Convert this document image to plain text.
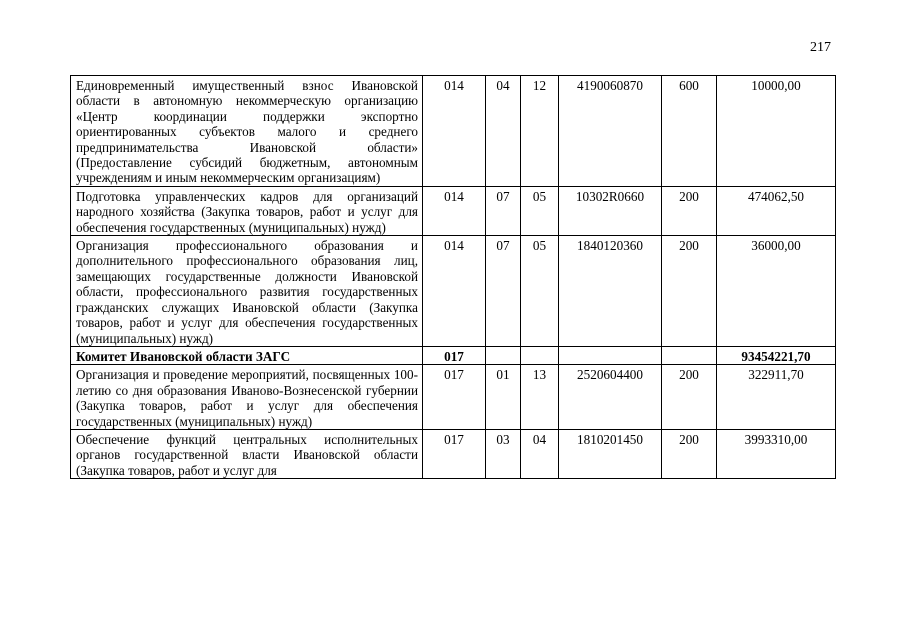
217
Единовременный имущественный взнос Ивановской области в автономную некоммерческую организацию «Центр координации поддержки экспортно ориентированных субъектов малого и среднего предпринимательства Ивановской области» (Предоставление субсидий бюджетным, автономным учреждениям и иным некоммерческим организациям)	014	04	12	4190060870	600	10000,00
Подготовка управленческих кадров для организаций народного хозяйства (Закупка товаров, работ и услуг для обеспечения государственных (муниципальных) нужд)	014	07	05	10302R0660	200	474062,50
Организация профессионального образования и дополнительного профессионального образования лиц, замещающих государственные должности Ивановской области, профессионального развития государственных гражданских служащих Ивановской области (Закупка товаров, работ и услуг для обеспечения государственных (муниципальных) нужд)	014	07	05	1840120360	200	36000,00
Комитет Ивановской области ЗАГС	017					93454221,70
Организация и проведение мероприятий, посвященных 100-летию со дня образования Иваново-Вознесенской губернии (Закупка товаров, работ и услуг для обеспечения государственных (муниципальных) нужд)	017	01	13	2520604400	200	322911,70
Обеспечение функций центральных исполнительных органов государственной власти Ивановской области (Закупка товаров, работ и услуг для	017	03	04	1810201450	200	3993310,00
